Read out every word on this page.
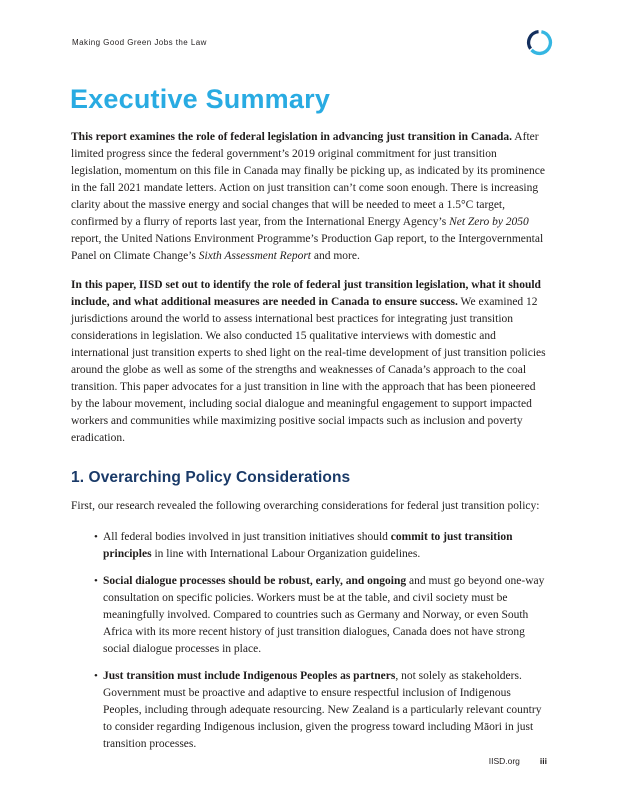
Making Good Green Jobs the Law
Executive Summary

This report examines the role of federal legislation in advancing just transition in Canada. After limited progress since the federal government’s 2019 original commitment for just transition legislation, momentum on this file in Canada may finally be picking up, as indicated by its prominence in the fall 2021 mandate letters. Action on just transition can’t come soon enough. There is increasing clarity about the massive energy and social changes that will be needed to meet a 1.5°C target, confirmed by a flurry of reports last year, from the International Energy Agency’s Net Zero by 2050 report, the United Nations Environment Programme’s Production Gap report, to the Intergovernmental Panel on Climate Change’s Sixth Assessment Report and more.

In this paper, IISD set out to identify the role of federal just transition legislation, what it should include, and what additional measures are needed in Canada to ensure success. We examined 12 jurisdictions around the world to assess international best practices for integrating just transition considerations in legislation. We also conducted 15 qualitative interviews with domestic and international just transition experts to shed light on the real-time development of just transition policies around the globe as well as some of the strengths and weaknesses of Canada’s approach to the coal transition. This paper advocates for a just transition in line with the approach that has been pioneered by the labour movement, including social dialogue and meaningful engagement to support impacted workers and communities while maximizing positive social impacts such as inclusion and poverty eradication.

1. Overarching Policy Considerations

First, our research revealed the following overarching considerations for federal just transition policy:

• All federal bodies involved in just transition initiatives should commit to just transition principles in line with International Labour Organization guidelines.
• Social dialogue processes should be robust, early, and ongoing and must go beyond one-way consultation on specific policies. Workers must be at the table, and civil society must be meaningfully involved. Compared to countries such as Germany and Norway, or even South Africa with its more recent history of just transition dialogues, Canada does not have strong social dialogue processes in place.
• Just transition must include Indigenous Peoples as partners, not solely as stakeholders. Government must be proactive and adaptive to ensure respectful inclusion of Indigenous Peoples, including through adequate resourcing. New Zealand is a particularly relevant country to consider regarding Indigenous inclusion, given the progress toward including Māori in just transition processes.
IISD.org iii
